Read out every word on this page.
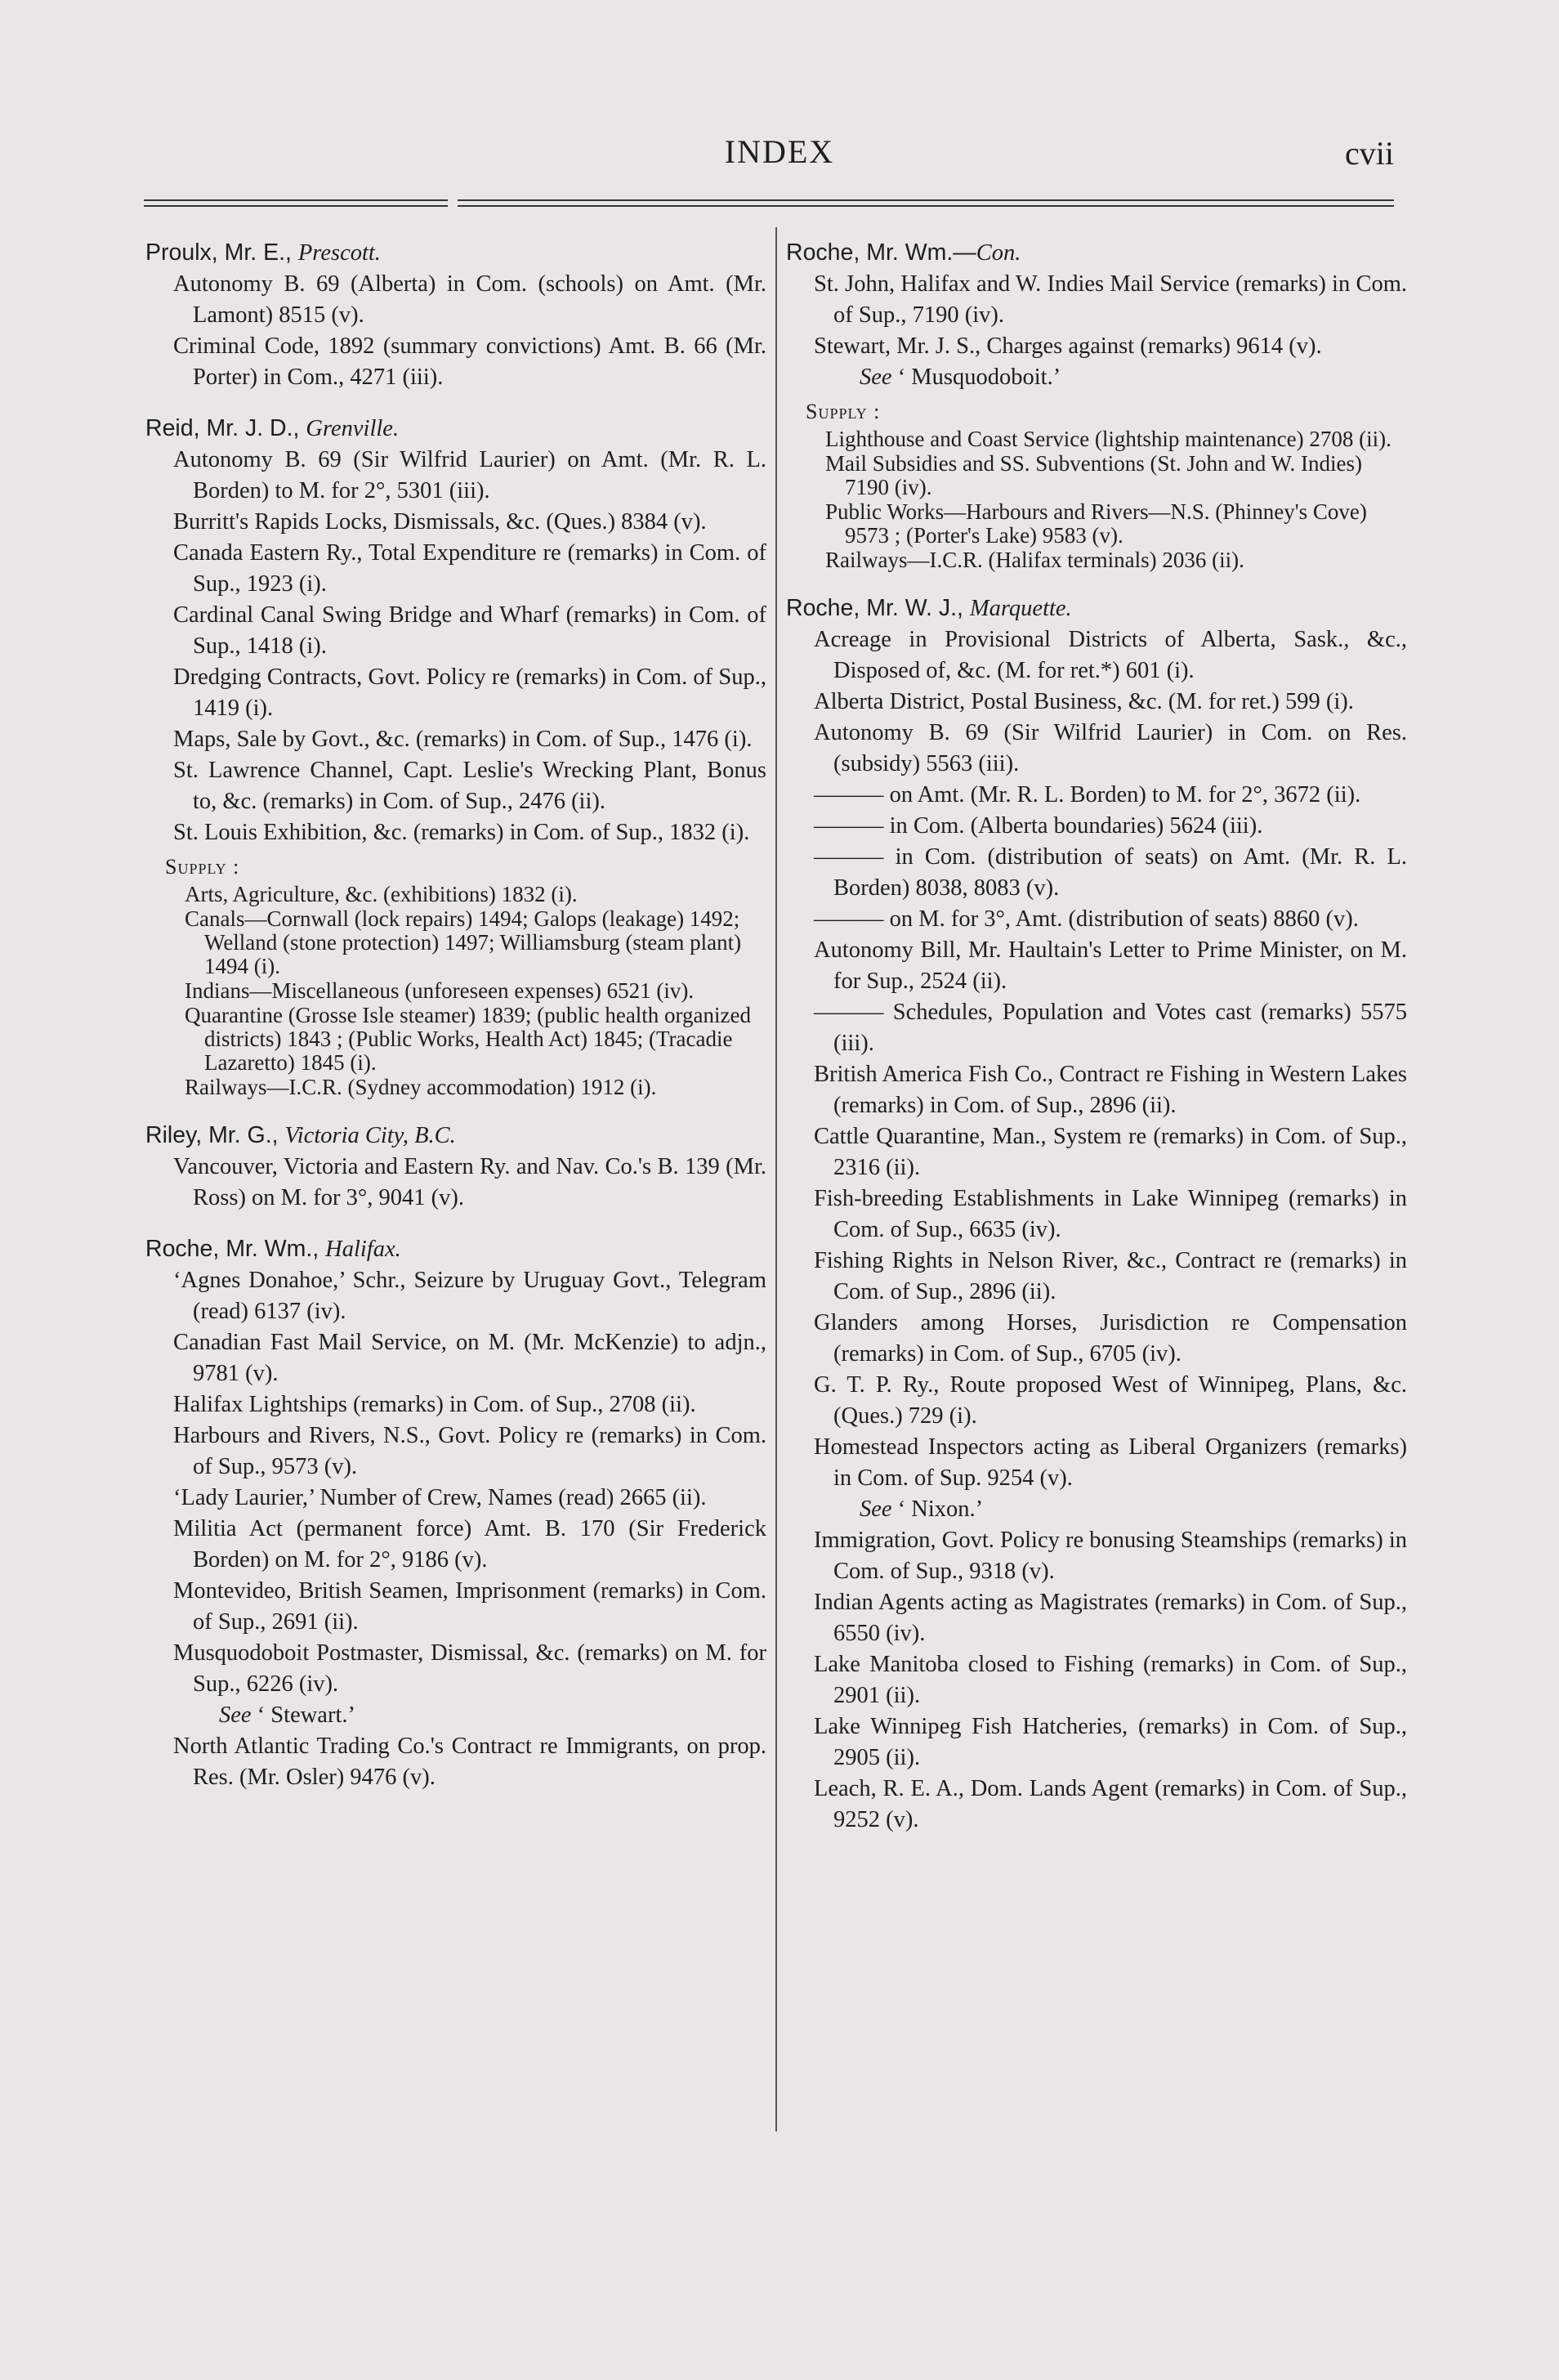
INDEX	cvii

Proulx, Mr. E., Prescott.

Autonomy B. 69 (Alberta) in Com. (schools) on Amt. (Mr. Lamont) 8515 (v).

Criminal Code, 1892 (summary convictions) Amt. B. 66 (Mr. Porter) in Com., 4271 (iii).

Reid, Mr. J. D., Grenville.

Autonomy B. 69 (Sir Wilfrid Laurier) on Amt. (Mr. R. L. Borden) to M. for 2°, 5301 (iii).

Burritt's Rapids Locks, Dismissals, &c. (Ques.) 8384 (v).

Canada Eastern Ry., Total Expenditure re (remarks) in Com. of Sup., 1923 (i).

Cardinal Canal Swing Bridge and Wharf (remarks) in Com. of Sup., 1418 (i).

Dredging Contracts, Govt. Policy re (remarks) in Com. of Sup., 1419 (i).

Maps, Sale by Govt., &c. (remarks) in Com. of Sup., 1476 (i).

St. Lawrence Channel, Capt. Leslie's Wrecking Plant, Bonus to, &c. (remarks) in Com. of Sup., 2476 (ii).

St. Louis Exhibition, &c. (remarks) in Com. of Sup., 1832 (i).

Supply :

Arts, Agriculture, &c. (exhibitions) 1832 (i).

Canals—Cornwall (lock repairs) 1494; Galops (leakage) 1492; Welland (stone protection) 1497; Williamsburg (steam plant) 1494 (i).

Indians—Miscellaneous (unforeseen expenses) 6521 (iv).

Quarantine (Grosse Isle steamer) 1839; (public health organized districts) 1843 ; (Public Works, Health Act) 1845; (Tracadie Lazaretto) 1845 (i).

Railways—I.C.R. (Sydney accommodation) 1912 (i).

Riley, Mr. G., Victoria City, B.C.

Vancouver, Victoria and Eastern Ry. and Nav. Co.'s B. 139 (Mr. Ross) on M. for 3°, 9041 (v).

Roche, Mr. Wm., Halifax.

‘Agnes Donahoe,’ Schr., Seizure by Uruguay Govt., Telegram (read) 6137 (iv).

Canadian Fast Mail Service, on M. (Mr. McKenzie) to adjn., 9781 (v).

Halifax Lightships (remarks) in Com. of Sup., 2708 (ii).

Harbours and Rivers, N.S., Govt. Policy re (remarks) in Com. of Sup., 9573 (v).

‘Lady Laurier,’ Number of Crew, Names (read) 2665 (ii).

Militia Act (permanent force) Amt. B. 170 (Sir Frederick Borden) on M. for 2°, 9186 (v).

Montevideo, British Seamen, Imprisonment (remarks) in Com. of Sup., 2691 (ii).

Musquodoboit Postmaster, Dismissal, &c. (remarks) on M. for Sup., 6226 (iv).

See ‘ Stewart.’

North Atlantic Trading Co.'s Contract re Immigrants, on prop. Res. (Mr. Osler) 9476 (v).

Roche, Mr. Wm.—Con.

St. John, Halifax and W. Indies Mail Service (remarks) in Com. of Sup., 7190 (iv).

Stewart, Mr. J. S., Charges against (remarks) 9614 (v).

See ‘ Musquodoboit.’

Supply :

Lighthouse and Coast Service (lightship maintenance) 2708 (ii).

Mail Subsidies and SS. Subventions (St. John and W. Indies) 7190 (iv).

Public Works—Harbours and Rivers—N.S. (Phinney's Cove) 9573 ; (Porter's Lake) 9583 (v).

Railways—I.C.R. (Halifax terminals) 2036 (ii).

Roche, Mr. W. J., Marquette.

Acreage in Provisional Districts of Alberta, Sask., &c., Disposed of, &c. (M. for ret.*) 601 (i).

Alberta District, Postal Business, &c. (M. for ret.) 599 (i).

Autonomy B. 69 (Sir Wilfrid Laurier) in Com. on Res. (subsidy) 5563 (iii).

——— on Amt. (Mr. R. L. Borden) to M. for 2°, 3672 (ii).

——— in Com. (Alberta boundaries) 5624 (iii).

——— in Com. (distribution of seats) on Amt. (Mr. R. L. Borden) 8038, 8083 (v).

——— on M. for 3°, Amt. (distribution of seats) 8860 (v).

Autonomy Bill, Mr. Haultain's Letter to Prime Minister, on M. for Sup., 2524 (ii).

——— Schedules, Population and Votes cast (remarks) 5575 (iii).

British America Fish Co., Contract re Fishing in Western Lakes (remarks) in Com. of Sup., 2896 (ii).

Cattle Quarantine, Man., System re (remarks) in Com. of Sup., 2316 (ii).

Fish-breeding Establishments in Lake Winnipeg (remarks) in Com. of Sup., 6635 (iv).

Fishing Rights in Nelson River, &c., Contract re (remarks) in Com. of Sup., 2896 (ii).

Glanders among Horses, Jurisdiction re Compensation (remarks) in Com. of Sup., 6705 (iv).

G. T. P. Ry., Route proposed West of Winnipeg, Plans, &c. (Ques.) 729 (i).

Homestead Inspectors acting as Liberal Organizers (remarks) in Com. of Sup. 9254 (v).

See ‘ Nixon.’

Immigration, Govt. Policy re bonusing Steamships (remarks) in Com. of Sup., 9318 (v).

Indian Agents acting as Magistrates (remarks) in Com. of Sup., 6550 (iv).

Lake Manitoba closed to Fishing (remarks) in Com. of Sup., 2901 (ii).

Lake Winnipeg Fish Hatcheries, (remarks) in Com. of Sup., 2905 (ii).

Leach, R. E. A., Dom. Lands Agent (remarks) in Com. of Sup., 9252 (v).
